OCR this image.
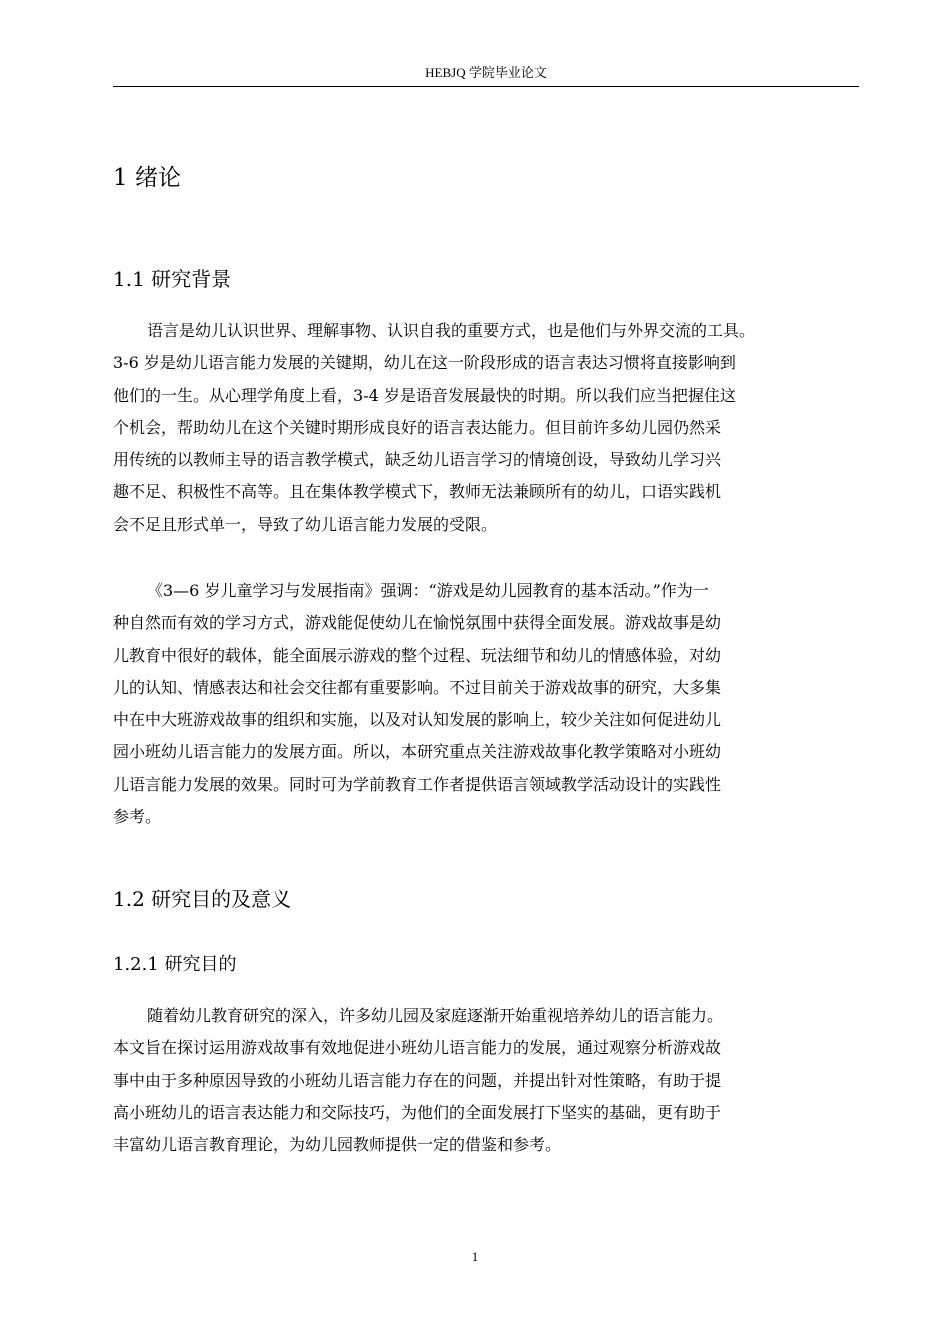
HEBJQ 学院毕业论文
1 绪论
1.1 研究背景
语言是幼儿认识世界、理解事物、认识自我的重要方式，也是他们与外界交流的工具。
3-6 岁是幼儿语言能力发展的关键期，幼儿在这一阶段形成的语言表达习惯将直接影响到
他们的一生。从心理学角度上看，3-4 岁是语音发展最快的时期。所以我们应当把握住这
个机会，帮助幼儿在这个关键时期形成良好的语言表达能力。但目前许多幼儿园仍然采
用传统的以教师主导的语言教学模式，缺乏幼儿语言学习的情境创设，导致幼儿学习兴
趣不足、积极性不高等。且在集体教学模式下，教师无法兼顾所有的幼儿，口语实践机
会不足且形式单一，导致了幼儿语言能力发展的受限。
《3—6 岁儿童学习与发展指南》强调：“游戏是幼儿园教育的基本活动。”作为一
种自然而有效的学习方式，游戏能促使幼儿在愉悦氛围中获得全面发展。游戏故事是幼
儿教育中很好的载体，能全面展示游戏的整个过程、玩法细节和幼儿的情感体验，对幼
儿的认知、情感表达和社会交往都有重要影响。不过目前关于游戏故事的研究，大多集
中在中大班游戏故事的组织和实施，以及对认知发展的影响上，较少关注如何促进幼儿
园小班幼儿语言能力的发展方面。所以，本研究重点关注游戏故事化教学策略对小班幼
儿语言能力发展的效果。同时可为学前教育工作者提供语言领域教学活动设计的实践性
参考。
1.2 研究目的及意义
1.2.1 研究目的
随着幼儿教育研究的深入，许多幼儿园及家庭逐渐开始重视培养幼儿的语言能力。
本文旨在探讨运用游戏故事有效地促进小班幼儿语言能力的发展，通过观察分析游戏故
事中由于多种原因导致的小班幼儿语言能力存在的问题，并提出针对性策略，有助于提
高小班幼儿的语言表达能力和交际技巧，为他们的全面发展打下坚实的基础，更有助于
丰富幼儿语言教育理论，为幼儿园教师提供一定的借鉴和参考。
1
